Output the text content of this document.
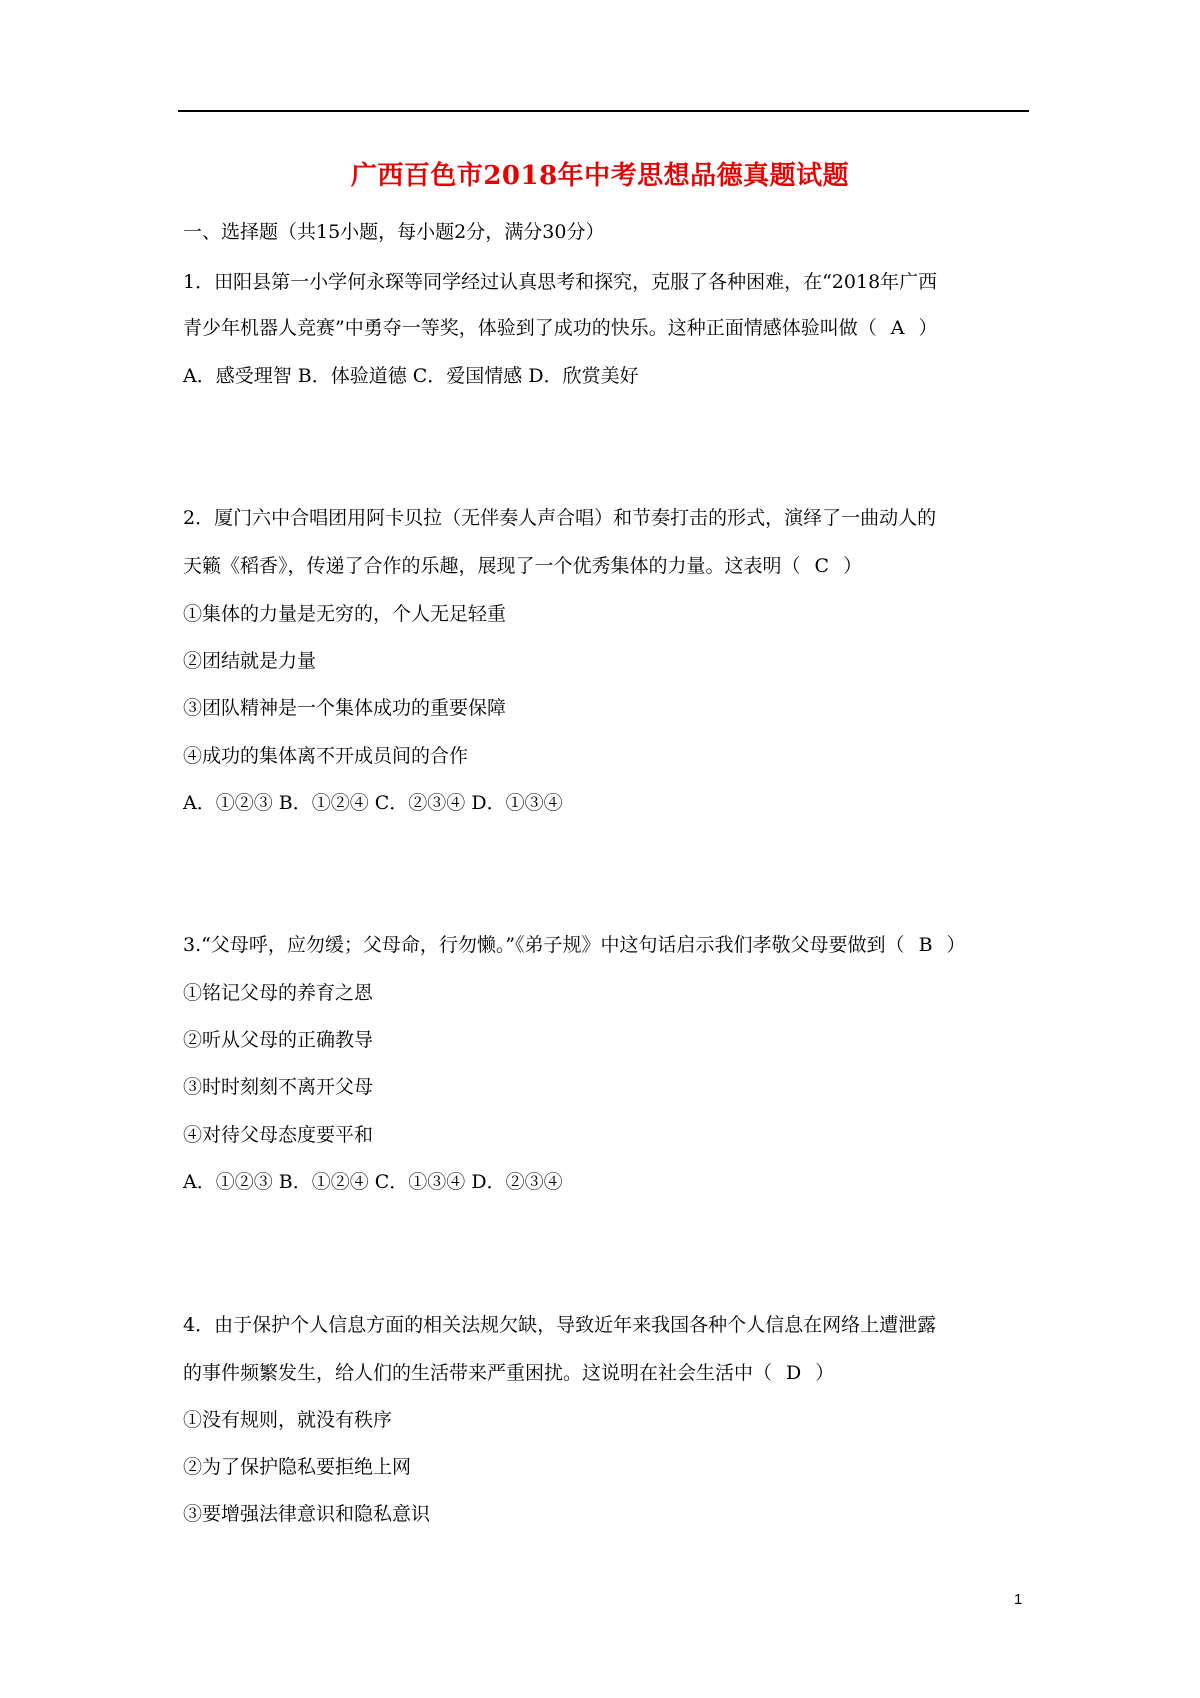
广西百色市2018年中考思想品德真题试题
一、选择题（共15小题，每小题2分，满分30分）
1．田阳县第一小学何永琛等同学经过认真思考和探究，克服了各种困难，在“2018年广西
青少年机器人竞赛”中勇夺一等奖，体验到了成功的快乐。这种正面情感体验叫做（ A ）
A．感受理智 B．体验道德 C．爱国情感 D．欣赏美好
2．厦门六中合唱团用阿卡贝拉（无伴奏人声合唱）和节奏打击的形式，演绎了一曲动人的
天籁《稻香》，传递了合作的乐趣，展现了一个优秀集体的力量。这表明（ C ）
①集体的力量是无穷的，个人无足轻重
②团结就是力量
③团队精神是一个集体成功的重要保障
④成功的集体离不开成员间的合作
A．①②③ B．①②④ C．②③④ D．①③④
3.“父母呼，应勿缓；父母命，行勿懒。”《弟子规》中这句话启示我们孝敬父母要做到（ B ）
①铭记父母的养育之恩
②听从父母的正确教导
③时时刻刻不离开父母
④对待父母态度要平和
A．①②③ B．①②④ C．①③④ D．②③④
4．由于保护个人信息方面的相关法规欠缺，导致近年来我国各种个人信息在网络上遭泄露
的事件频繁发生，给人们的生活带来严重困扰。这说明在社会生活中（ D ）
①没有规则，就没有秩序
②为了保护隐私要拒绝上网
③要增强法律意识和隐私意识
1
